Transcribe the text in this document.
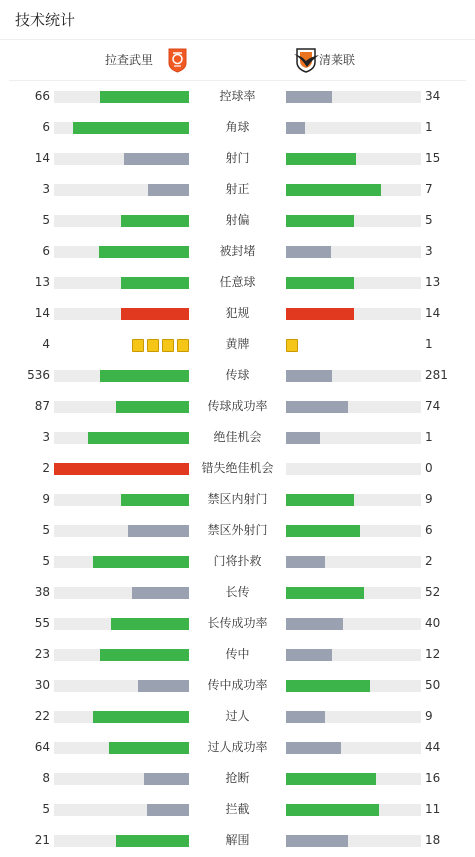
技术统计
拉查武里	清莱联
66	控球率	34
6	角球	1
14	射门	15
3	射正	7
5	射偏	5
6	被封堵	3
13	任意球	13
14	犯规	14
4	黄牌	1
536	传球	281
87	传球成功率	74
3	绝佳机会	1
2	错失绝佳机会	0
9	禁区内射门	9
5	禁区外射门	6
5	门将扑救	2
38	长传	52
55	长传成功率	40
23	传中	12
30	传中成功率	50
22	过人	9
64	过人成功率	44
8	抢断	16
5	拦截	11
21	解围	18
